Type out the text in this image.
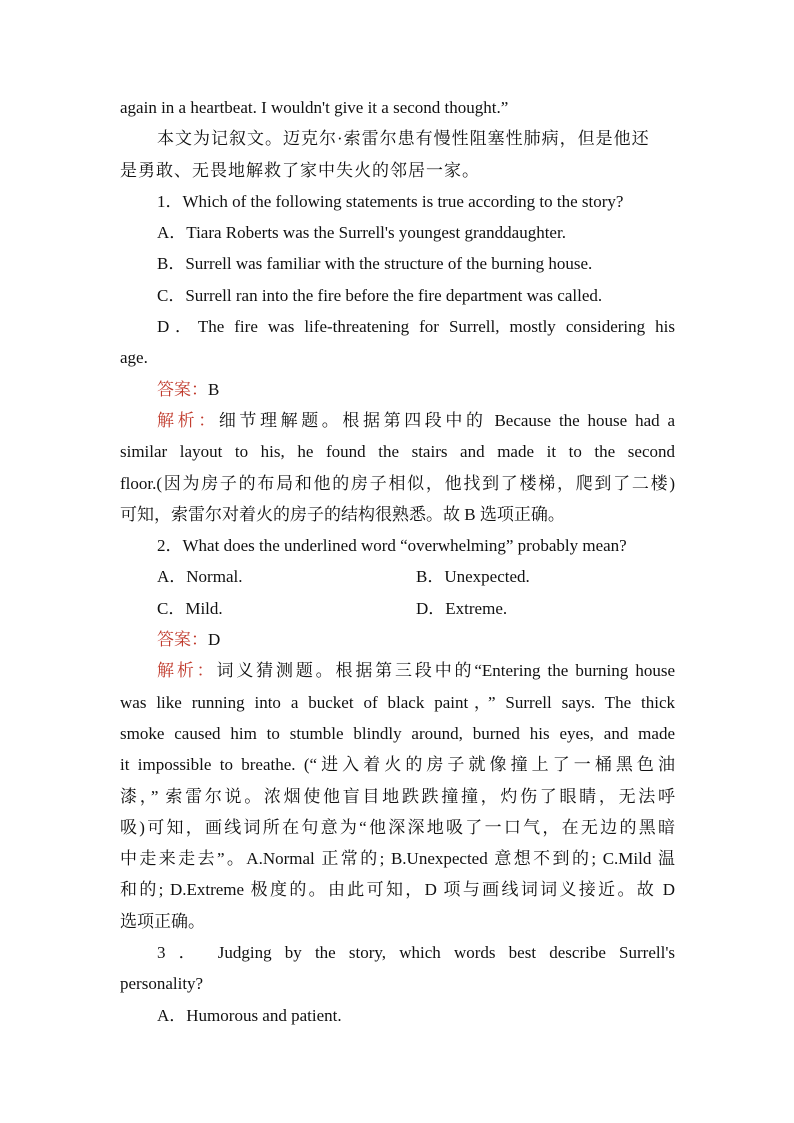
again in a heartbeat. I wouldn't give it a second thought.”
本文为记叙文。迈克尔·索雷尔患有慢性阻塞性肺病，但是他还
是勇敢、无畏地解救了家中失火的邻居一家。
1．Which of the following statements is true according to the story?
A．Tiara Roberts was the Surrell's youngest granddaughter.
B．Surrell was familiar with the structure of the burning house.
C．Surrell ran into the fire before the fire department was called.
D．The fire was life-threatening for Surrell, mostly considering his
age.
答案：B
解析：细节理解题。根据第四段中的 Because the house had a
similar layout to his, he found the stairs and made it to the second
floor.(因为房子的布局和他的房子相似，他找到了楼梯，爬到了二楼)
可知，索雷尔对着火的房子的结构很熟悉。故 B 选项正确。
2．What does the underlined word “overwhelming” probably mean?
A．Normal.	B．Unexpected.
C．Mild.	D．Extreme.
答案：D
解析：词义猜测题。根据第三段中的“Entering the burning house
was like running into a bucket of black paint，” Surrell says. The thick
smoke caused him to stumble blindly around, burned his eyes, and made
it impossible to breathe. (“进入着火的房子就像撞上了一桶黑色油
漆，” 索雷尔说。浓烟使他盲目地跌跌撞撞，灼伤了眼睛，无法呼
吸)可知，画线词所在句意为“他深深地吸了一口气，在无边的黑暗
中走来走去”。A.Normal 正常的; B.Unexpected 意想不到的; C.Mild 温
和的; D.Extreme 极度的。由此可知，D 项与画线词词义接近。故 D
选项正确。
3 ． Judging by the story, which words best describe Surrell's
personality?
A．Humorous and patient.
